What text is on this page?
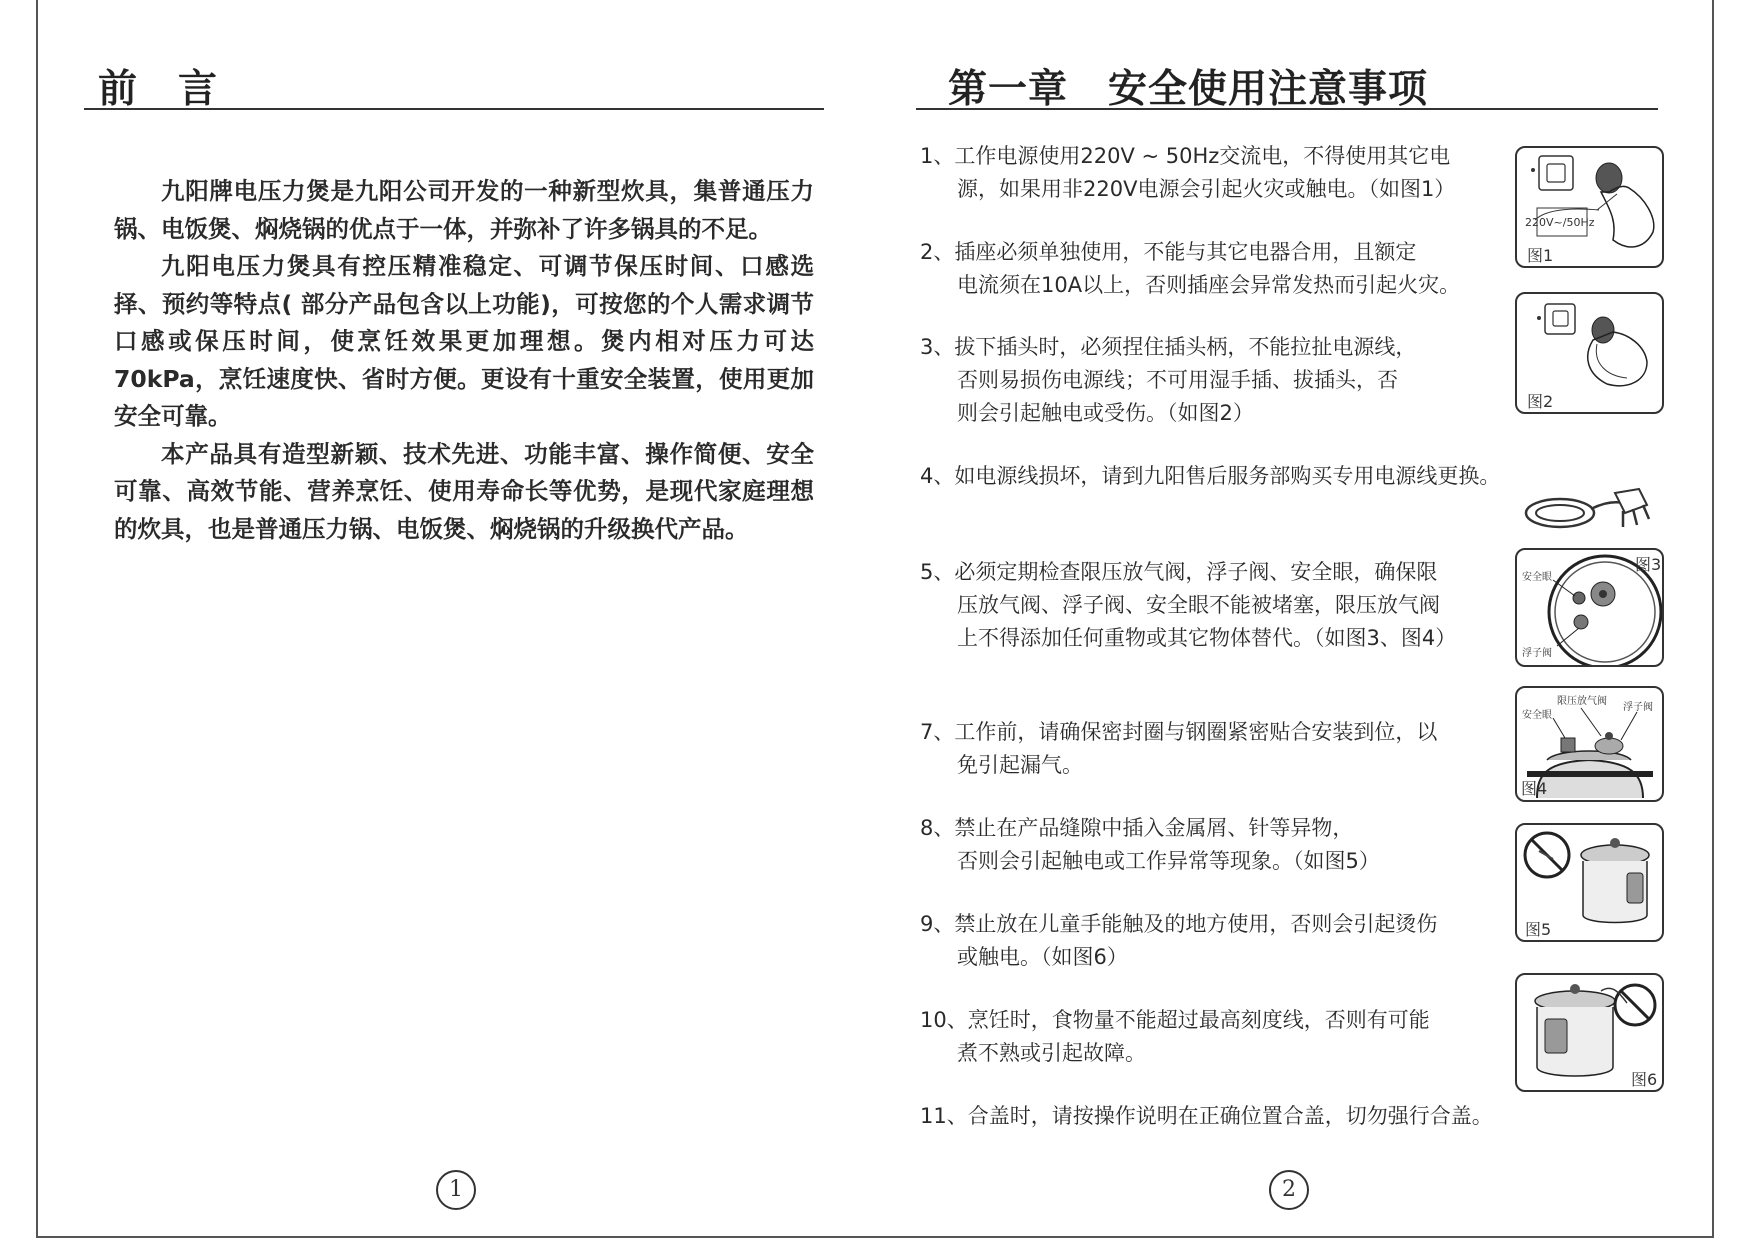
前　言

九阳牌电压力煲是九阳公司开发的一种新型炊具，集普通压力锅、电饭煲、焖烧锅的优点于一体，并弥补了许多锅具的不足。

九阳电压力煲具有控压精准稳定、可调节保压时间、口感选择、预约等特点( 部分产品包含以上功能)，可按您的个人需求调节口感或保压时间，使烹饪效果更加理想。煲内相对压力可达70kPa，烹饪速度快、省时方便。更设有十重安全装置，使用更加安全可靠。

本产品具有造型新颖、技术先进、功能丰富、操作简便、安全可靠、高效节能、营养烹饪、使用寿命长等优势，是现代家庭理想的炊具，也是普通压力锅、电饭煲、焖烧锅的升级换代产品。

1
第一章　安全使用注意事项
1、工作电源使用220V ~ 50Hz交流电，不得使用其它电
源，如果用非220V电源会引起火灾或触电。（如图1）
2、插座必须单独使用，不能与其它电器合用，且额定
电流须在10A以上，否则插座会异常发热而引起火灾。
3、拔下插头时，必须捏住插头柄，不能拉扯电源线，
否则易损伤电源线；不可用湿手插、拔插头，否
则会引起触电或受伤。（如图2）
4、如电源线损坏，请到九阳售后服务部购买专用电源线更换。
5、必须定期检查限压放气阀，浮子阀、安全眼，确保限
压放气阀、浮子阀、安全眼不能被堵塞，限压放气阀
上不得添加任何重物或其它物体替代。（如图3、图4）
7、工作前，请确保密封圈与钢圈紧密贴合安装到位，以
免引起漏气。
8、禁止在产品缝隙中插入金属屑、针等异物，
否则会引起触电或工作异常等现象。（如图5）
9、禁止放在儿童手能触及的地方使用，否则会引起烫伤
或触电。（如图6）
10、烹饪时，食物量不能超过最高刻度线，否则有可能
煮不熟或引起故障。
11、合盖时，请按操作说明在正确位置合盖，切勿强行合盖。
220V~/50Hz
图1
图2
安全眼
浮子阀
图3
限压放气阀
浮子阀
安全眼
图4
图5
图6
2
